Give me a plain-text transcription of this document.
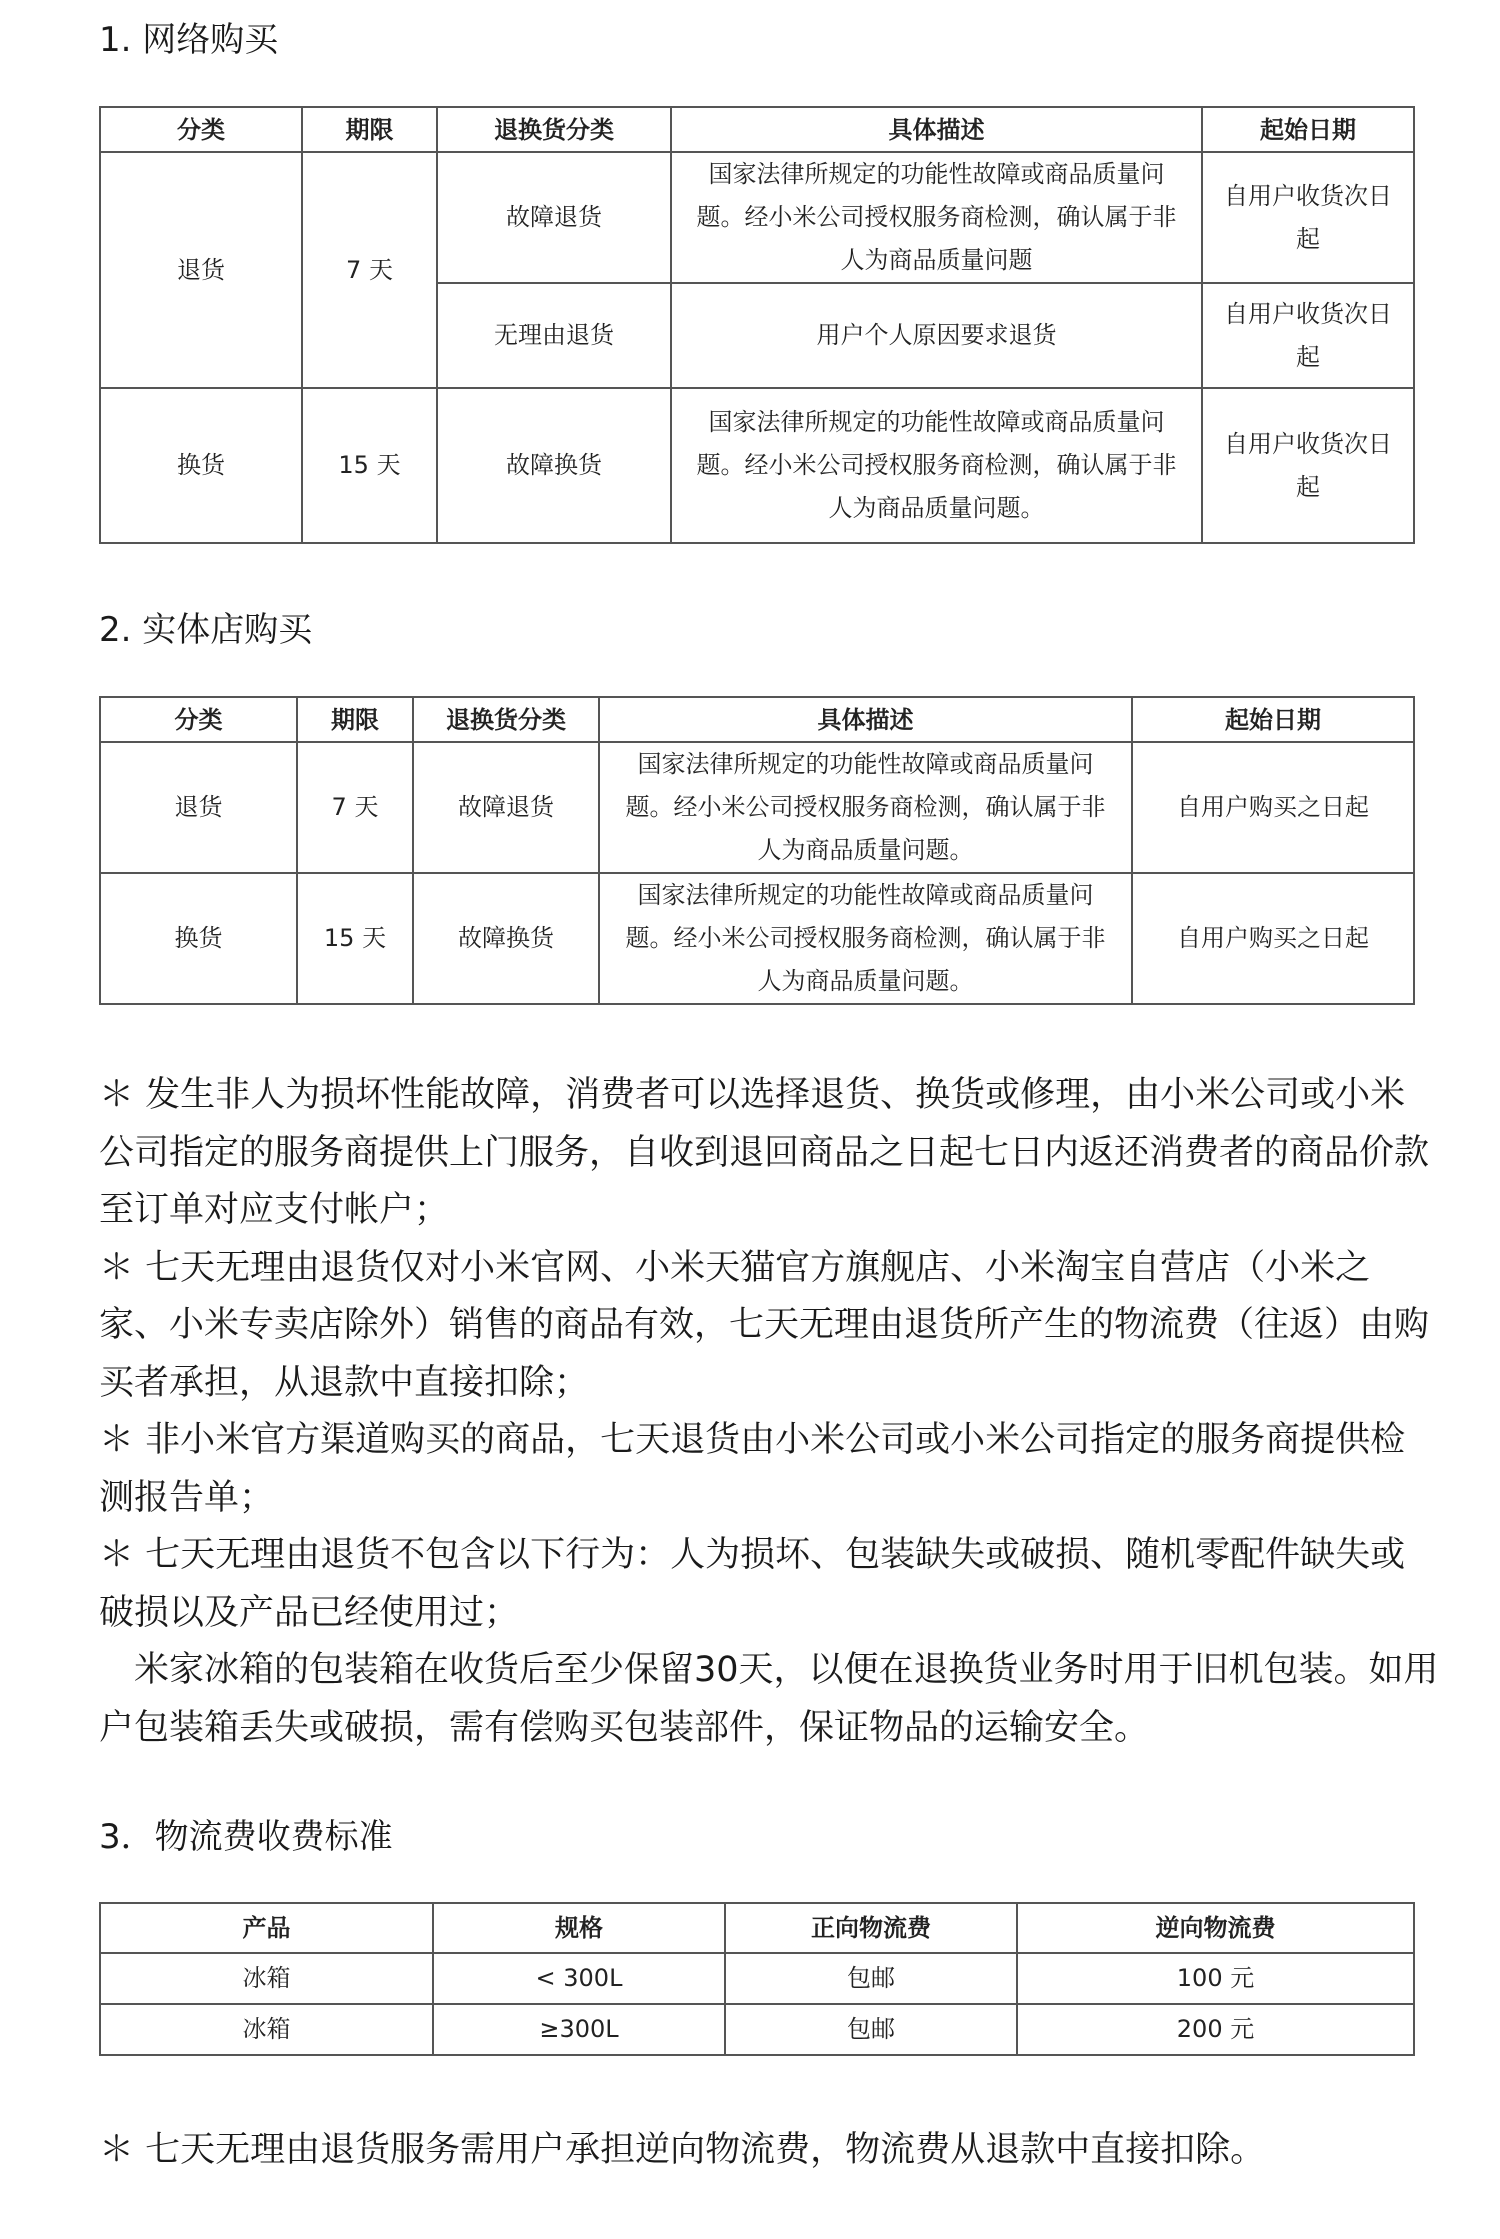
1. 网络购买
分类	期限	退换货分类	具体描述	起始日期
退货	7 天	故障退货	国家法律所规定的功能性故障或商品质量问题。经小米公司授权服务商检测，确认属于非人为商品质量问题	自用户收货次日起
		无理由退货	用户个人原因要求退货	自用户收货次日起
换货	15 天	故障换货	国家法律所规定的功能性故障或商品质量问题。经小米公司授权服务商检测，确认属于非人为商品质量问题。	自用户收货次日起
2. 实体店购买
分类	期限	退换货分类	具体描述	起始日期
退货	7 天	故障退货	国家法律所规定的功能性故障或商品质量问题。经小米公司授权服务商检测，确认属于非人为商品质量问题。	自用户购买之日起
换货	15 天	故障换货	国家法律所规定的功能性故障或商品质量问题。经小米公司授权服务商检测，确认属于非人为商品质量问题。	自用户购买之日起

＊ 发生非人为损坏性能故障，消费者可以选择退货、换货或修理，由小米公司或小米公司指定的服务商提供上门服务，自收到退回商品之日起七日内返还消费者的商品价款至订单对应支付帐户；

＊ 七天无理由退货仅对小米官网、小米天猫官方旗舰店、小米淘宝自营店（小米之家、小米专卖店除外）销售的商品有效，七天无理由退货所产生的物流费（往返）由购买者承担，从退款中直接扣除；

＊ 非小米官方渠道购买的商品，七天退货由小米公司或小米公司指定的服务商提供检测报告单；

＊ 七天无理由退货不包含以下行为：人为损坏、包装缺失或破损、随机零配件缺失或破损以及产品已经使用过；

　米家冰箱的包装箱在收货后至少保留30天，以便在退换货业务时用于旧机包装。如用户包装箱丢失或破损，需有偿购买包装部件，保证物品的运输安全。

3．物流费收费标准
产品	规格	正向物流费	逆向物流费
冰箱	< 300L	包邮	100 元
冰箱	≥300L	包邮	200 元

＊ 七天无理由退货服务需用户承担逆向物流费，物流费从退款中直接扣除。
